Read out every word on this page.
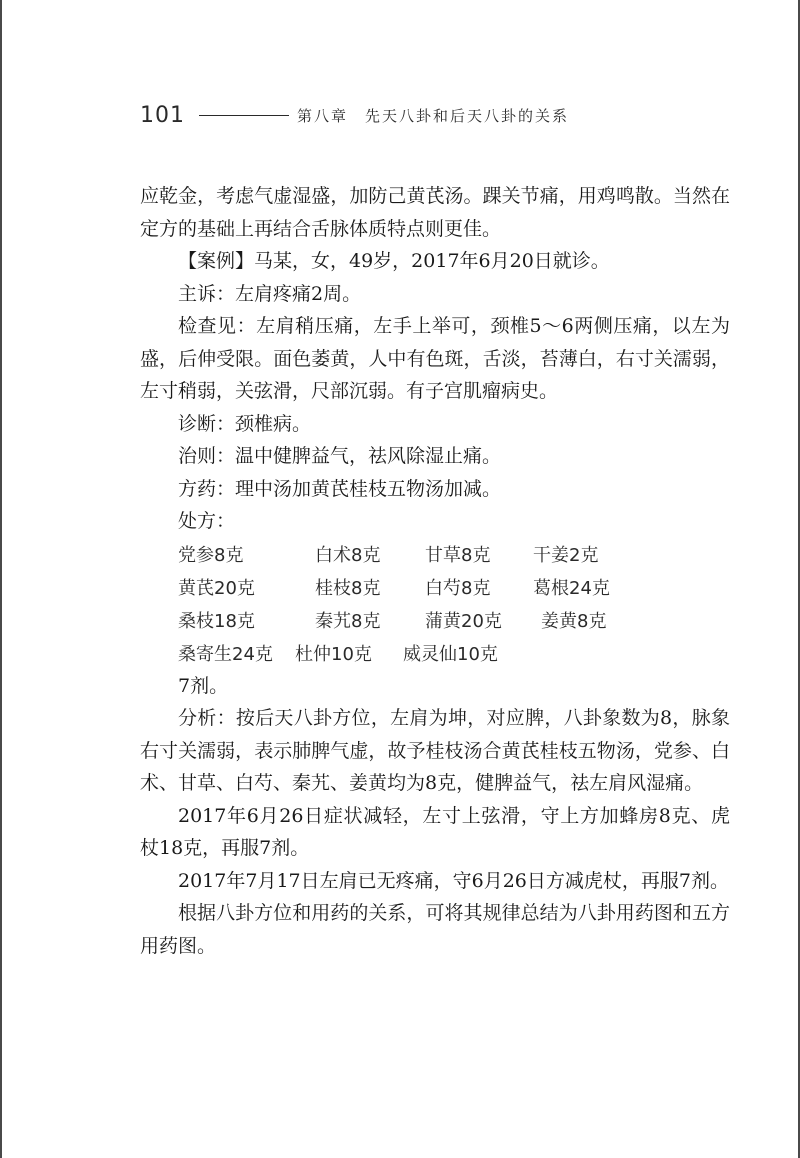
101	第八章　先天八卦和后天八卦的关系

应乾金，考虑气虚湿盛，加防己黄芪汤。踝关节痛，用鸡鸣散。当然在定方的基础上再结合舌脉体质特点则更佳。

【案例】马某，女，49岁，2017年6月20日就诊。

主诉：左肩疼痛2周。

检查见：左肩稍压痛，左手上举可，颈椎5～6两侧压痛，以左为盛，后伸受限。面色萎黄，人中有色斑，舌淡，苔薄白，右寸关濡弱，左寸稍弱，关弦滑，尺部沉弱。有子宫肌瘤病史。

诊断：颈椎病。

治则：温中健脾益气，祛风除湿止痛。

方药：理中汤加黄芪桂枝五物汤加减。

处方：

党参8克	白术8克	甘草8克	干姜2克
黄芪20克	桂枝8克	白芍8克	葛根24克
桑枝18克	秦艽8克	蒲黄20克	姜黄8克
桑寄生24克	杜仲10克	威灵仙10克

7剂。

分析：按后天八卦方位，左肩为坤，对应脾，八卦象数为8，脉象右寸关濡弱，表示肺脾气虚，故予桂枝汤合黄芪桂枝五物汤，党参、白术、甘草、白芍、秦艽、姜黄均为8克，健脾益气，祛左肩风湿痛。

2017年6月26日症状减轻，左寸上弦滑，守上方加蜂房8克、虎杖18克，再服7剂。

2017年7月17日左肩已无疼痛，守6月26日方减虎杖，再服7剂。

根据八卦方位和用药的关系，可将其规律总结为八卦用药图和五方用药图。
